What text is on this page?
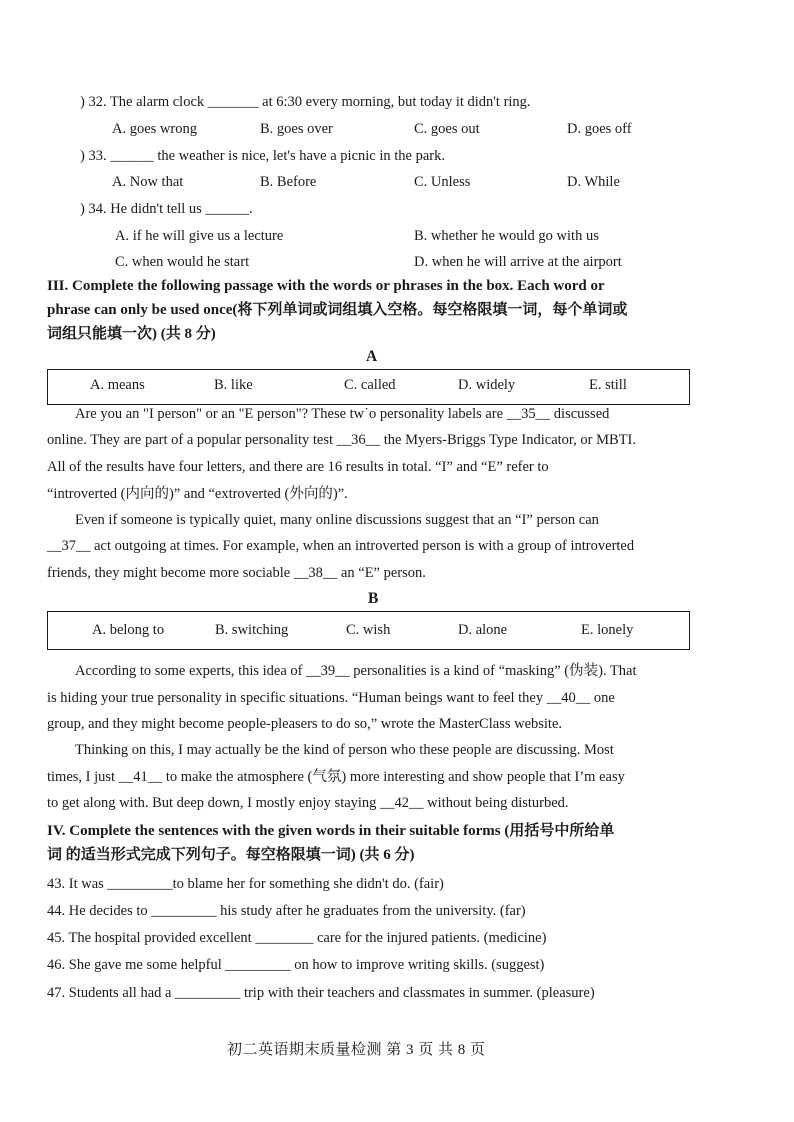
) 32. The alarm clock _______ at 6:30 every morning, but today it didn't ring.
A. goes wrong	B. goes over	C. goes out	D. goes off
) 33. ______ the weather is nice, let's have a picnic in the park.
A. Now that	B. Before	C. Unless	D. While
) 34. He didn't tell us ______.
A. if he will give us a lecture	B. whether he would go with us
C. when would he start	D. when he will arrive at the airport
III. Complete the following passage with the words or phrases in the box. Each word or
phrase can only be used once(将下列单词或词组填入空格。每空格限填一词，每个单词或
词组只能填一次) (共 8 分)
A
A. means	B. like	C. called	D. widely	E. still
Are you an "I person" or an "E person"? These tw˙o personality labels are __35__ discussed
online. They are part of a popular personality test __36__ the Myers-Briggs Type Indicator, or MBTI.
All of the results have four letters, and there are 16 results in total. “I” and “E” refer to
“introverted (内向的)” and “extroverted (外向的)”.
Even if someone is typically quiet, many online discussions suggest that an “I” person can
__37__ act outgoing at times. For example, when an introverted person is with a group of introverted
friends, they might become more sociable __38__ an “E” person.
B
A. belong to	B. switching	C. wish	D. alone	E. lonely
According to some experts, this idea of __39__ personalities is a kind of “masking” (伪装). That
is hiding your true personality in specific situations. “Human beings want to feel they __40__ one
group, and they might become people-pleasers to do so,” wrote the MasterClass website.
Thinking on this, I may actually be the kind of person who these people are discussing. Most
times, I just __41__ to make the atmosphere (气氛) more interesting and show people that I’m easy
to get along with. But deep down, I mostly enjoy staying __42__ without being disturbed.
IV. Complete the sentences with the given words in their suitable forms (用括号中所给单
词 的适当形式完成下列句子。每空格限填一词) (共 6 分)
43. It was _________to blame her for something she didn't do. (fair)
44. He decides to _________ his study after he graduates from the university. (far)
45. The hospital provided excellent ________ care for the injured patients. (medicine)
46. She gave me some helpful _________ on how to improve writing skills. (suggest)
47. Students all had a _________ trip with their teachers and classmates in summer. (pleasure)
初二英语期末质量检测 第 3 页 共 8 页
